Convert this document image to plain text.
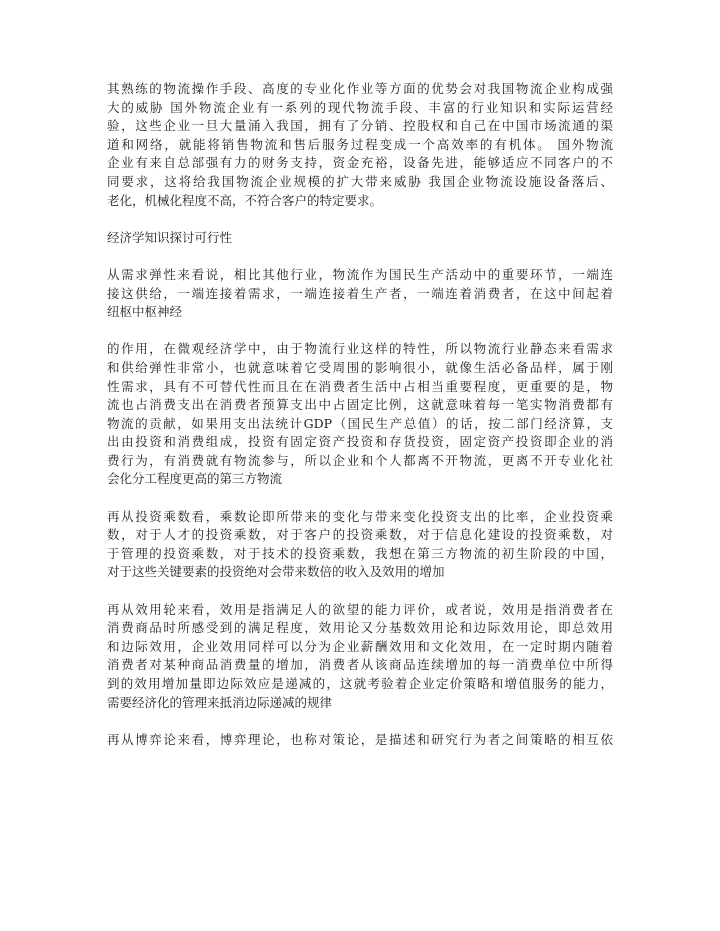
其熟练的物流操作手段、高度的专业化作业等方面的优势会对我国物流企业构成强
大的威胁 国外物流企业有一系列的现代物流手段、丰富的行业知识和实际运营经
验，这些企业一旦大量涌入我国，拥有了分销、控股权和自己在中国市场流通的渠
道和网络，就能将销售物流和售后服务过程变成一个高效率的有机体。 国外物流
企业有来自总部强有力的财务支持，资金充裕，设备先进，能够适应不同客户的不
同要求，这将给我国物流企业规模的扩大带来威胁 我国企业物流设施设备落后、
老化，机械化程度不高，不符合客户的特定要求。
经济学知识探讨可行性
从需求弹性来看说，相比其他行业，物流作为国民生产活动中的重要环节，一端连
接这供给，一端连接着需求，一端连接着生产者，一端连着消费者，在这中间起着
纽枢中枢神经
的作用，在微观经济学中，由于物流行业这样的特性，所以物流行业静态来看需求
和供给弹性非常小，也就意味着它受周围的影响很小，就像生活必备品样，属于刚
性需求，具有不可替代性而且在在消费者生活中占相当重要程度，更重要的是，物
流也占消费支出在消费者预算支出中占固定比例，这就意味着每一笔实物消费都有
物流的贡献，如果用支出法统计GDP（国民生产总值）的话，按二部门经济算，支
出由投资和消费组成，投资有固定资产投资和存货投资，固定资产投资即企业的消
费行为，有消费就有物流参与，所以企业和个人都离不开物流，更离不开专业化社
会化分工程度更高的第三方物流
再从投资乘数看，乘数论即所带来的变化与带来变化投资支出的比率，企业投资乘
数，对于人才的投资乘数，对于客户的投资乘数，对于信息化建设的投资乘数，对
于管理的投资乘数，对于技术的投资乘数，我想在第三方物流的初生阶段的中国，
对于这些关键要素的投资绝对会带来数倍的收入及效用的增加
再从效用轮来看，效用是指满足人的欲望的能力评价，或者说，效用是指消费者在
消费商品时所感受到的满足程度，效用论又分基数效用论和边际效用论，即总效用
和边际效用，企业效用同样可以分为企业薪酬效用和文化效用，在一定时期内随着
消费者对某种商品消费量的增加，消费者从该商品连续增加的每一消费单位中所得
到的效用增加量即边际效应是递减的，这就考验着企业定价策略和增值服务的能力，
需要经济化的管理来抵消边际递减的规律
再从博弈论来看，博弈理论，也称对策论，是描述和研究行为者之间策略的相互依
